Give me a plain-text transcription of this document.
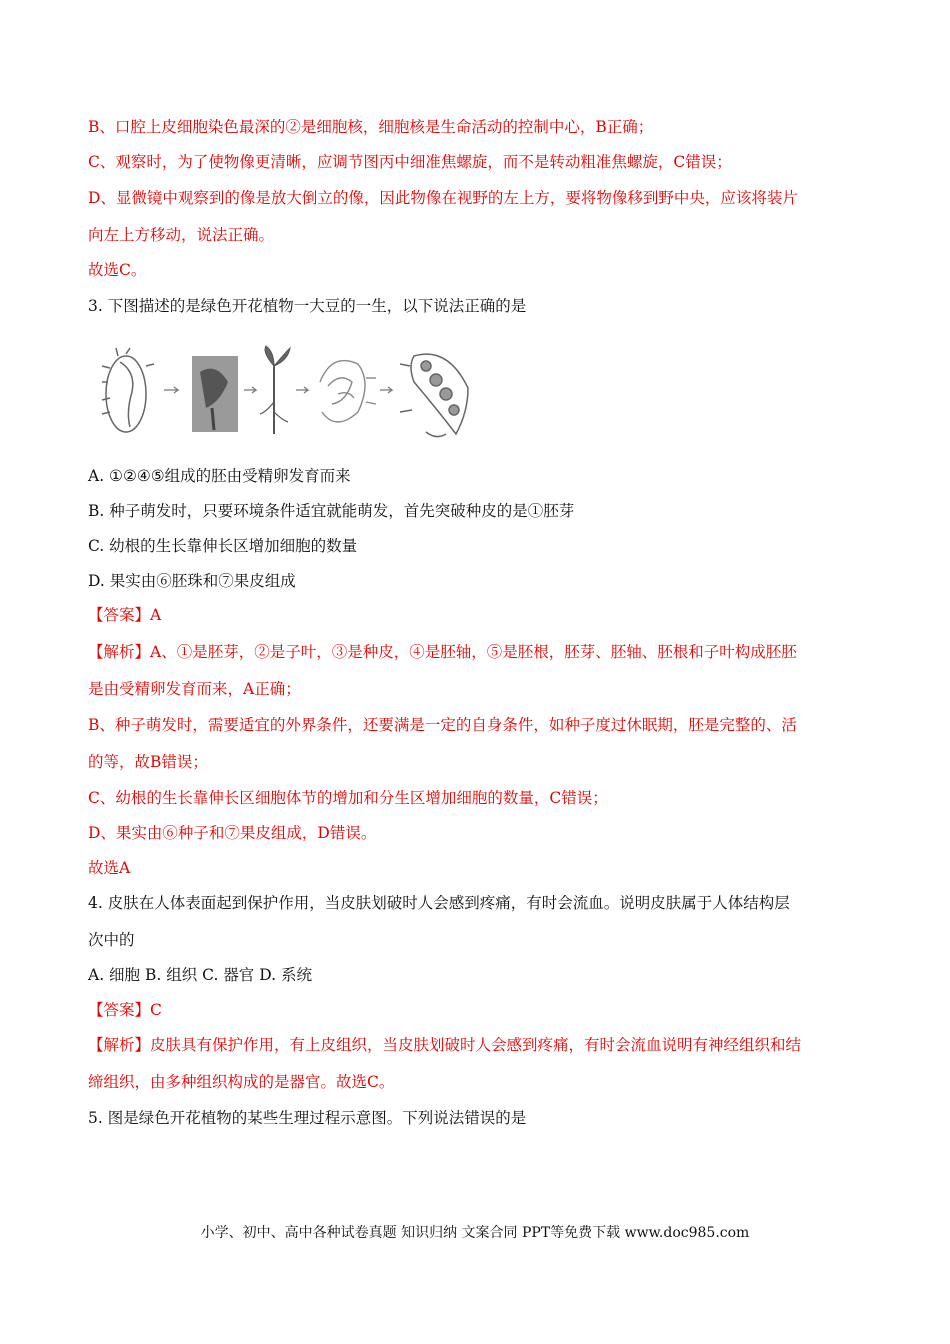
B、口腔上皮细胞染色最深的②是细胞核，细胞核是生命活动的控制中心，B正确；
C、观察时，为了使物像更清晰，应调节图丙中细准焦螺旋，而不是转动粗准焦螺旋，C错误；
D、显微镜中观察到的像是放大倒立的像，因此物像在视野的左上方，要将物像移到野中央，应该将装片
向左上方移动，说法正确。
故选C。
3. 下图描述的是绿色开花植物一大豆的一生，以下说法正确的是
A. ①②④⑤组成的胚由受精卵发育而来
B. 种子萌发时，只要环境条件适宜就能萌发，首先突破种皮的是①胚芽
C. 幼根的生长靠伸长区增加细胞的数量
D. 果实由⑥胚珠和⑦果皮组成
【答案】A
【解析】A、①是胚芽，②是子叶，③是种皮，④是胚轴，⑤是胚根，胚芽、胚轴、胚根和子叶构成胚胚
是由受精卵发育而来，A正确；
B、种子萌发时，需要适宜的外界条件，还要满是一定的自身条件，如种子度过休眠期，胚是完整的、活
的等，故B错误；
C、幼根的生长靠伸长区细胞体节的增加和分生区增加细胞的数量，C错误；
D、果实由⑥种子和⑦果皮组成，D错误。
故选A
4. 皮肤在人体表面起到保护作用，当皮肤划破时人会感到疼痛，有时会流血。说明皮肤属于人体结构层
次中的
A. 细胞 B. 组织 C. 器官 D. 系统
【答案】C
【解析】皮肤具有保护作用，有上皮组织，当皮肤划破时人会感到疼痛，有时会流血说明有神经组织和结
缔组织，由多种组织构成的是器官。故选C。
5. 图是绿色开花植物的某些生理过程示意图。下列说法错误的是
小学、初中、高中各种试卷真题 知识归纳 文案合同 PPT等免费下载 www.doc985.com
